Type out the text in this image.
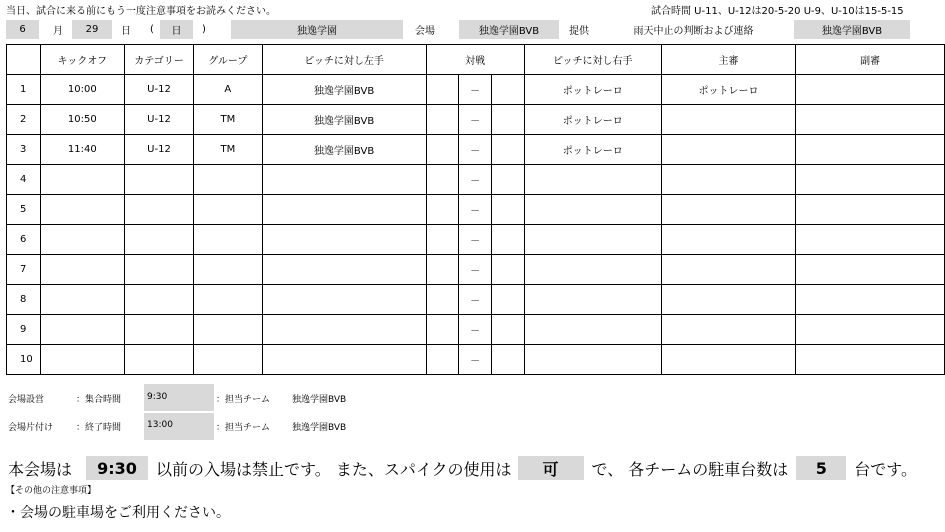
当日、試合に来る前にもう一度注意事項をお読みください。	試合時間 U-11、U-12は20-5-20 U-9、U-10は15-5-15
6	月	29	日	(	日	)	独逸学園	会場	独逸学園BVB	提供	雨天中止の判断および連絡	独逸学園BVB
	キックオフ	カテゴリー	グループ	ピッチに対し左手	対戦			ピッチに対し右手	主審	副審
1	10:00	U-12	A	独逸学園BVB		－		ポットレーロ	ポットレーロ	
2	10:50	U-12	TM	独逸学園BVB		－		ポットレーロ		
3	11:40	U-12	TM	独逸学園BVB		－		ポットレーロ		
4						－				
5						－				
6						－				
7						－				
8						－				
9						－				
10						－				
会場設営	：集合時間	9:30	：担当チーム 独逸学園BVB
会場片付け	：終了時間	13:00	：担当チーム 独逸学園BVB
本会場は	9:30	以前の入場は禁止です。 また、スパイクの使用は	可	で、 各チームの駐車台数は	5	台です。
【その他の注意事項】
・会場の駐車場をご利用ください。
